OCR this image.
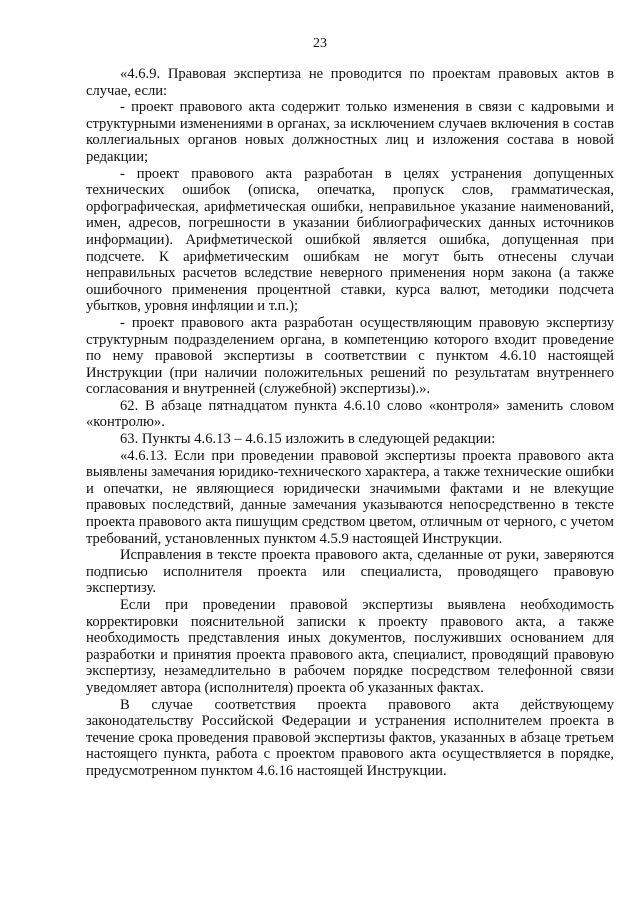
23

«4.6.9. Правовая экспертиза не проводится по проектам правовых актов в случае, если:

- проект правового акта содержит только изменения в связи с кадровыми и структурными изменениями в органах, за исключением случаев включения в состав коллегиальных органов новых должностных лиц и изложения состава в новой редакции;

- проект правового акта разработан в целях устранения допущенных технических ошибок (описка, опечатка, пропуск слов, грамматическая, орфографическая, арифметическая ошибки, неправильное указание наименований, имен, адресов, погрешности в указании библиографических данных источников информации). Арифметической ошибкой является ошибка, допущенная при подсчете. К арифметическим ошибкам не могут быть отнесены случаи неправильных расчетов вследствие неверного применения норм закона (а также ошибочного применения процентной ставки, курса валют, методики подсчета убытков, уровня инфляции и т.п.);

- проект правового акта разработан осуществляющим правовую экспертизу структурным подразделением органа, в компетенцию которого входит проведение по нему правовой экспертизы в соответствии с пунктом 4.6.10 настоящей Инструкции (при наличии положительных решений по результатам внутреннего согласования и внутренней (служебной) экспертизы).».

62. В абзаце пятнадцатом пункта 4.6.10 слово «контроля» заменить словом «контролю».

63. Пункты 4.6.13 – 4.6.15 изложить в следующей редакции:

«4.6.13. Если при проведении правовой экспертизы проекта правового акта выявлены замечания юридико-технического характера, а также технические ошибки и опечатки, не являющиеся юридически значимыми фактами и не влекущие правовых последствий, данные замечания указываются непосредственно в тексте проекта правового акта пишущим средством цветом, отличным от черного, с учетом требований, установленных пунктом 4.5.9 настоящей Инструкции.

Исправления в тексте проекта правового акта, сделанные от руки, заверяются подписью исполнителя проекта или специалиста, проводящего правовую экспертизу.

Если при проведении правовой экспертизы выявлена необходимость корректировки пояснительной записки к проекту правового акта, а также необходимость представления иных документов, послуживших основанием для разработки и принятия проекта правового акта, специалист, проводящий правовую экспертизу, незамедлительно в рабочем порядке посредством телефонной связи уведомляет автора (исполнителя) проекта об указанных фактах.

В случае соответствия проекта правового акта действующему законодательству Российской Федерации и устранения исполнителем проекта в течение срока проведения правовой экспертизы фактов, указанных в абзаце третьем настоящего пункта, работа с проектом правового акта осуществляется в порядке, предусмотренном пунктом 4.6.16 настоящей Инструкции.
